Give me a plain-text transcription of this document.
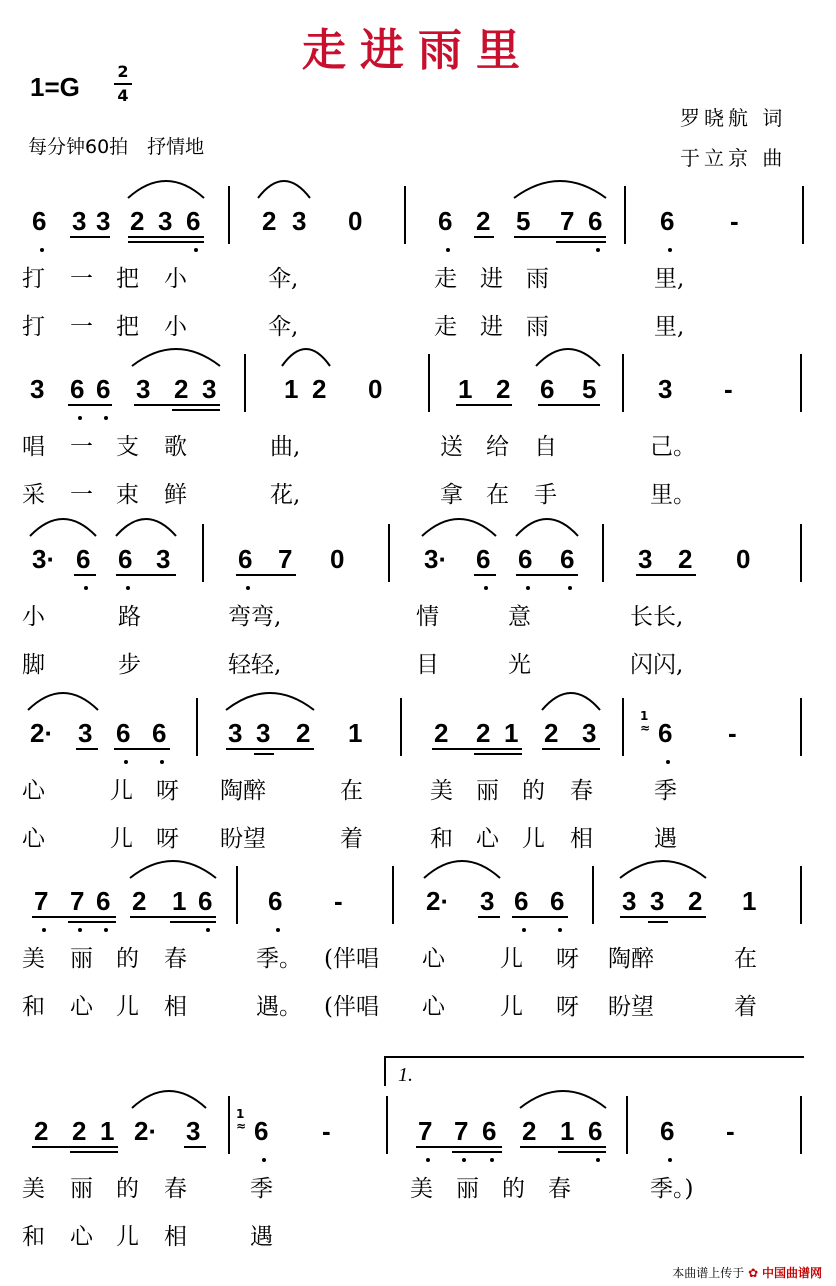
走进雨里
1=G
2
4
每分钟60拍　抒情地
罗晓航 词
于立京 曲
6 3 3 2 3 6 2 3 0	6 2 5 7 6 6 -
打 一 把 小	伞,	走 进 雨	里,
打 一 把 小	伞,	走 进 雨	里,
3 6 6 3 2 3	1 2 0	1 2 6 5 3 -
唱 一 支 歌	曲,	送 给 自	己。
采 一 束 鲜	花,	拿 在 手	里。
3· 6 6 3	6 7 0	3· 6 6 6 3 2 0
小	路	弯弯,	情	意	长长,
脚	步	轻轻,	目	光	闪闪,
2· 3 6 6 3 3 2 1	2 2 1 2 3 6 -
心	儿 呀 陶醉	在	美 丽 的 春	季
心	儿 呀 盼望	着	和 心 儿 相	遇
7 7 6 2 1 6 6 -	2· 3 6 6 3 3 2 1
美 丽 的 春	季。 (伴唱 心 儿 呀 陶醉	在
和 心 儿 相	遇。 (伴唱 心 儿 呀 盼望	着
2 2 1 2· 3 6 -	7 7 6 2 1 6 6 -
美 丽 的 春	季	美 丽 的 春	季。)
和 心 儿 相	遇
1.
1
≈
1
≈
本曲谱上传于 ✿ 中国曲谱网
